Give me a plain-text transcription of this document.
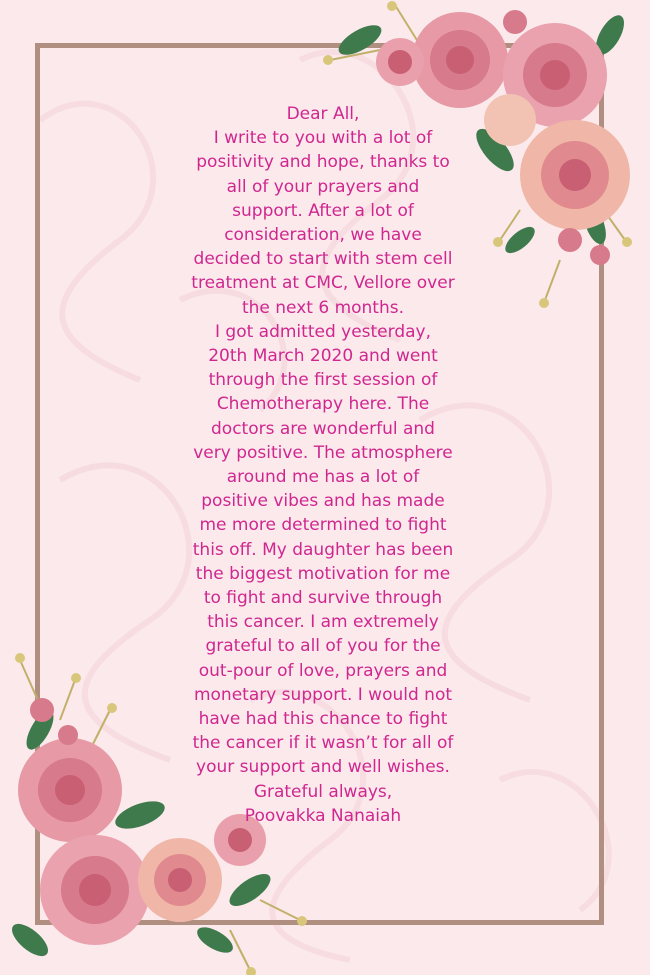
Dear All,
I write to you with a lot of
positivity and hope, thanks to
all of your prayers and
support. After a lot of
consideration, we have
decided to start with stem cell
treatment at CMC, Vellore over
the next 6 months.
I got admitted yesterday,
20th March 2020 and went
through the first session of
Chemotherapy here. The
doctors are wonderful and
very positive. The atmosphere
around me has a lot of
positive vibes and has made
me more determined to fight
this off. My daughter has been
the biggest motivation for me
to fight and survive through
this cancer. I am extremely
grateful to all of you for the
out-pour of love, prayers and
monetary support. I would not
have had this chance to fight
the cancer if it wasn’t for all of
your support and well wishes.
Grateful always,
Poovakka Nanaiah
